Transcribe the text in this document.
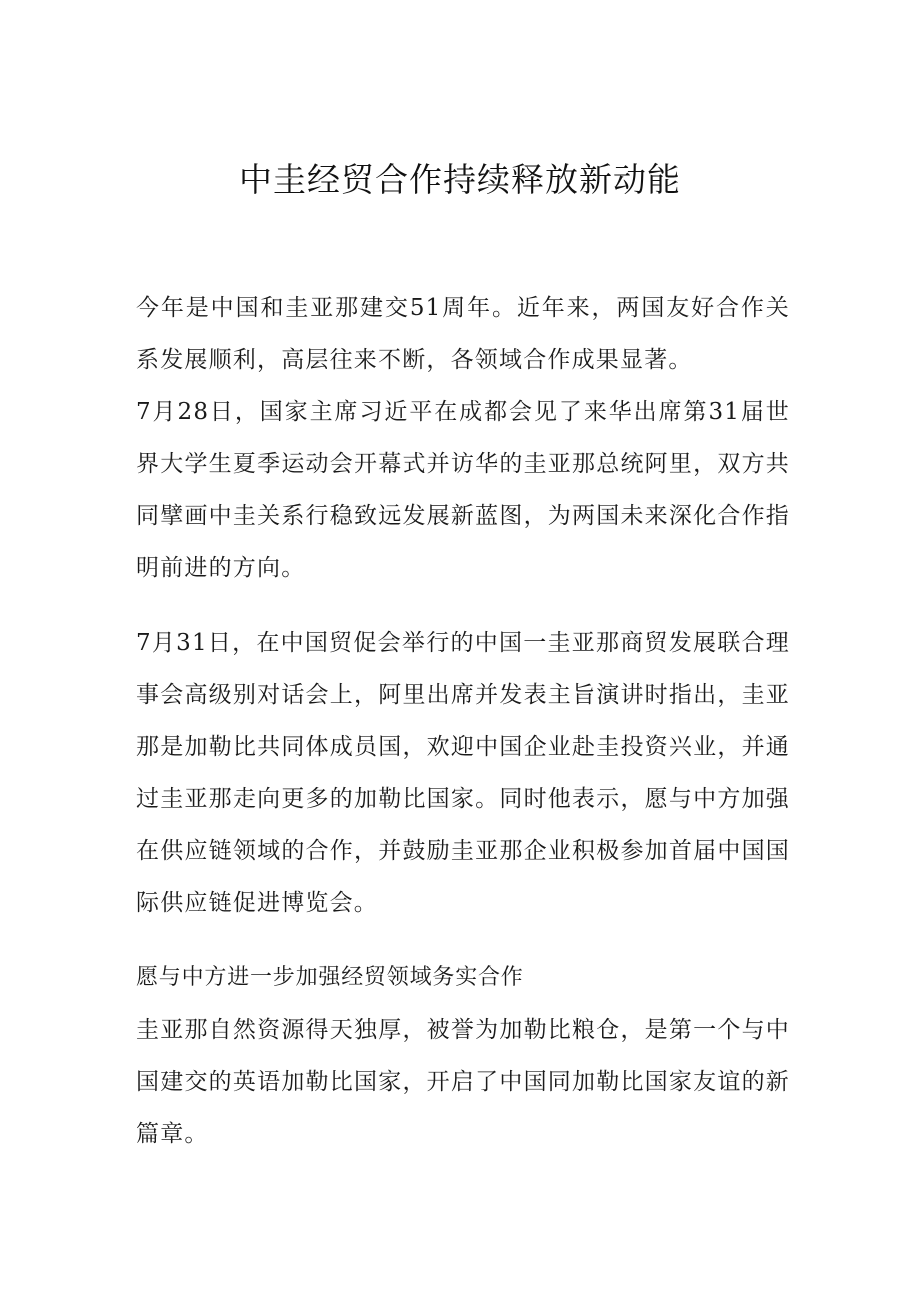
中圭经贸合作持续释放新动能

今年是中国和圭亚那建交51周年。近年来，两国友好合作关系发展顺利，高层往来不断，各领域合作成果显著。

7月28日，国家主席习近平在成都会见了来华出席第31届世界大学生夏季运动会开幕式并访华的圭亚那总统阿里，双方共同擘画中圭关系行稳致远发展新蓝图，为两国未来深化合作指明前进的方向。

7月31日，在中国贸促会举行的中国一圭亚那商贸发展联合理事会高级别对话会上，阿里出席并发表主旨演讲时指出，圭亚那是加勒比共同体成员国，欢迎中国企业赴圭投资兴业，并通过圭亚那走向更多的加勒比国家。同时他表示，愿与中方加强在供应链领域的合作，并鼓励圭亚那企业积极参加首届中国国际供应链促进博览会。

愿与中方进一步加强经贸领域务实合作

圭亚那自然资源得天独厚，被誉为加勒比粮仓，是第一个与中国建交的英语加勒比国家，开启了中国同加勒比国家友谊的新篇章。
